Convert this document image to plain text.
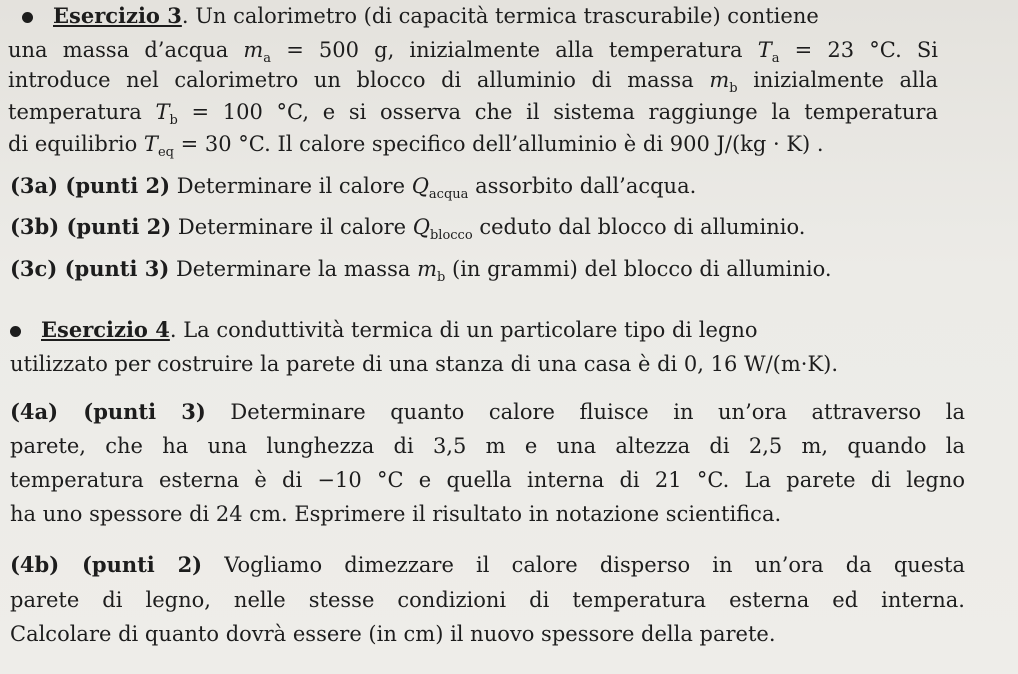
Esercizio 3. Un calorimetro (di capacità termica trascurabile) contiene
una massa d’acqua $m_a = 500$ g, inizialmente alla temperatura $T_a = 23$ °C. Si
introduce nel calorimetro un blocco di alluminio di massa $m_b$ inizialmente alla
temperatura $T_b = 100$ °C, e si osserva che il sistema raggiunge la temperatura
di equilibrio $T_{eq} = 30$ °C. Il calore specifico dell’alluminio è di 900 J/(kg · K) .
(3a) (punti 2) Determinare il calore $Q_{acqua}$ assorbito dall’acqua.
(3b) (punti 2) Determinare il calore $Q_{blocco}$ ceduto dal blocco di alluminio.
(3c) (punti 3) Determinare la massa $m_b$ (in grammi) del blocco di alluminio.
Esercizio 4. La conduttività termica di un particolare tipo di legno
utilizzato per costruire la parete di una stanza di una casa è di 0, 16 W/(m·K).
(4a) (punti 3) Determinare quanto calore fluisce in un’ora attraverso la
parete, che ha una lunghezza di 3,5 m e una altezza di 2,5 m, quando la
temperatura esterna è di −10 °C e quella interna di 21 °C. La parete di legno
ha uno spessore di 24 cm. Esprimere il risultato in notazione scientifica.
(4b) (punti 2) Vogliamo dimezzare il calore disperso in un’ora da questa
parete di legno, nelle stesse condizioni di temperatura esterna ed interna.
Calcolare di quanto dovrà essere (in cm) il nuovo spessore della parete.
